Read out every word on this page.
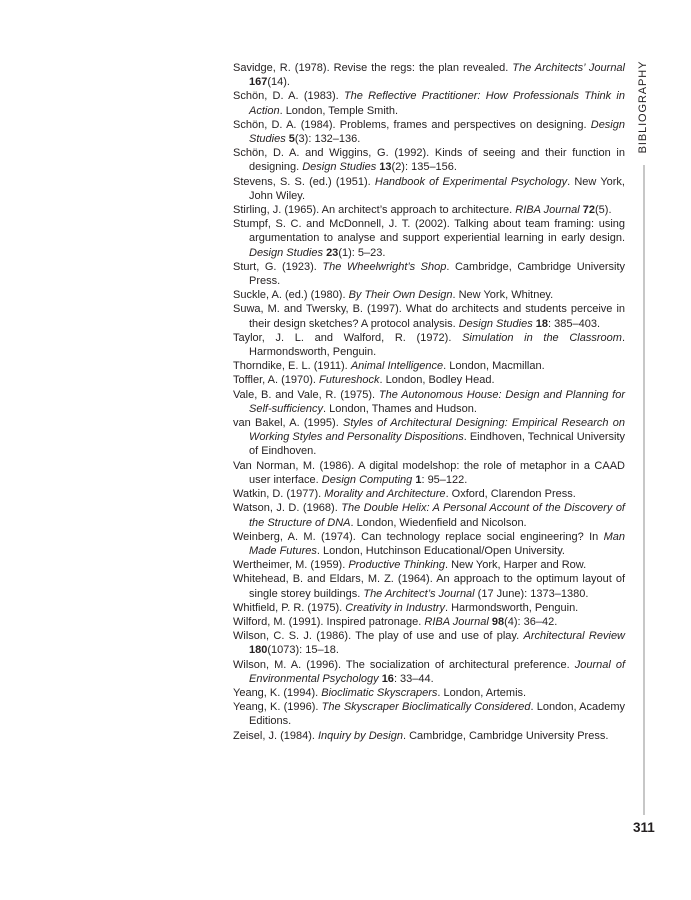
Savidge, R. (1978). Revise the regs: the plan revealed. The Architects’ Journal 167(14).

Schön, D. A. (1983). The Reflective Practitioner: How Professionals Think in Action. London, Temple Smith.

Schön, D. A. (1984). Problems, frames and perspectives on designing. Design Studies 5(3): 132–136.

Schön, D. A. and Wiggins, G. (1992). Kinds of seeing and their function in designing. Design Studies 13(2): 135–156.

Stevens, S. S. (ed.) (1951). Handbook of Experimental Psychology. New York, John Wiley.

Stirling, J. (1965). An architect’s approach to architecture. RIBA Journal 72(5).

Stumpf, S. C. and McDonnell, J. T. (2002). Talking about team framing: using argumentation to analyse and support experiential learning in early design. Design Studies 23(1): 5–23.

Sturt, G. (1923). The Wheelwright’s Shop. Cambridge, Cambridge University Press.

Suckle, A. (ed.) (1980). By Their Own Design. New York, Whitney.

Suwa, M. and Twersky, B. (1997). What do architects and students perceive in their design sketches? A protocol analysis. Design Studies 18: 385–403.

Taylor, J. L. and Walford, R. (1972). Simulation in the Classroom. Harmondsworth, Penguin.

Thorndike, E. L. (1911). Animal Intelligence. London, Macmillan.

Toffler, A. (1970). Futureshock. London, Bodley Head.

Vale, B. and Vale, R. (1975). The Autonomous House: Design and Planning for Self-sufficiency. London, Thames and Hudson.

van Bakel, A. (1995). Styles of Architectural Designing: Empirical Research on Working Styles and Personality Dispositions. Eindhoven, Technical University of Eindhoven.

Van Norman, M. (1986). A digital modelshop: the role of metaphor in a CAAD user interface. Design Computing 1: 95–122.

Watkin, D. (1977). Morality and Architecture. Oxford, Clarendon Press.

Watson, J. D. (1968). The Double Helix: A Personal Account of the Discovery of the Structure of DNA. London, Wiedenfield and Nicolson.

Weinberg, A. M. (1974). Can technology replace social engineering? In Man Made Futures. London, Hutchinson Educational/Open University.

Wertheimer, M. (1959). Productive Thinking. New York, Harper and Row.

Whitehead, B. and Eldars, M. Z. (1964). An approach to the optimum layout of single storey buildings. The Architect’s Journal (17 June): 1373–1380.

Whitfield, P. R. (1975). Creativity in Industry. Harmondsworth, Penguin.

Wilford, M. (1991). Inspired patronage. RIBA Journal 98(4): 36–42.

Wilson, C. S. J. (1986). The play of use and use of play. Architectural Review 180(1073): 15–18.

Wilson, M. A. (1996). The socialization of architectural preference. Journal of Environmental Psychology 16: 33–44.

Yeang, K. (1994). Bioclimatic Skyscrapers. London, Artemis.

Yeang, K. (1996). The Skyscraper Bioclimatically Considered. London, Academy Editions.

Zeisel, J. (1984). Inquiry by Design. Cambridge, Cambridge University Press.

BIBLIOGRAPHY
311
